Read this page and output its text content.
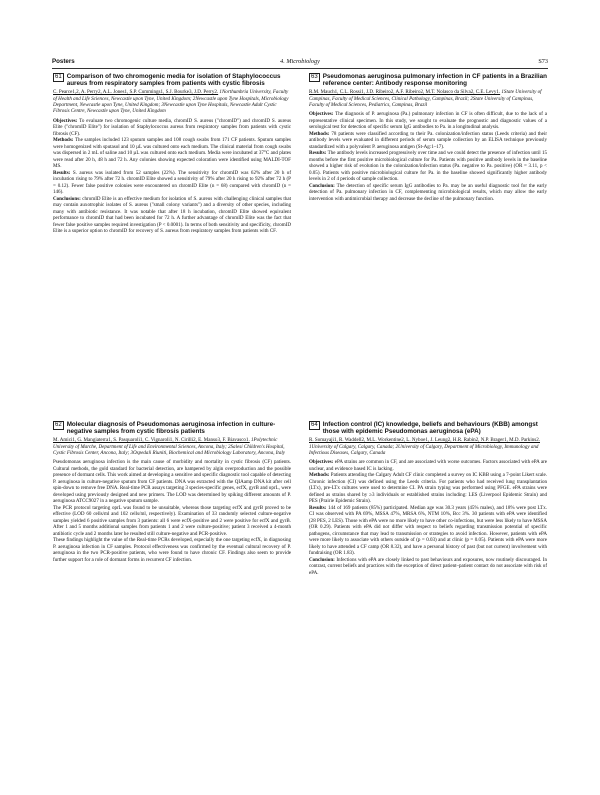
Posters	4. Microbiology	S73
61 Comparison of two chromogenic media for isolation of Staphylococcus aureus from respiratory samples from patients with cystic fibrosis
C. Pearce1,2, A. Perry2, A.L. Jones1, S.P. Cummings1, S.J. Bourke3, J.D. Perry2. 1Northumbria University, Faculty of Health and Life Sciences, Newcastle upon Tyne, United Kingdom; 2Newcastle upon Tyne Hospitals, Microbiology Department, Newcastle upon Tyne, United Kingdom; 3Newcastle upon Tyne Hospitals, Newcastle Adult Cystic Fibrosis Centre, Newcastle upon Tyne, United Kingdom

Objectives: To evaluate two chromogenic culture media, chromID S. aureus ("chromID") and chromID S. aureus Elite ("chromID Elite") for isolation of Staphylococcus aureus from respiratory samples from patients with cystic fibrosis (CF).

Methods: The samples included 123 sputum samples and 108 cough swabs from 171 CF patients. Sputum samples were homogenized with sputasol and 10 µL was cultured onto each medium. The clinical material from cough swabs was dispersed in 2 mL of saline and 10 µL was cultured onto each medium. Media were incubated at 37°C and plates were read after 20 h, 48 h and 72 h. Any colonies showing expected coloration were identified using MALDI-TOF MS.

Results: S. aureus was isolated from 52 samples (22%). The sensitivity for chromID was 62% after 20 h of incubation rising to 79% after 72 h. chromID Elite showed a sensitivity of 79% after 20 h rising to 92% after 72 h (P = 0.12). Fewer false positive colonies were encountered on chromID Elite (n = 68) compared with chromID (n = 146).

Conclusions: chromID Elite is an effective medium for isolation of S. aureus with challenging clinical samples that may contain auxotrophic isolates of S. aureus ("small colony variants") and a diversity of other species, including many with antibiotic resistance. It was notable that after 18 h incubation, chromID Elite showed equivalent performance to chromID that had been incubated for 72 h. A further advantage of chromID Elite was the fact that fewer false positive samples required investigation (P < 0.0001). In terms of both sensitivity and specificity, chromID Elite is a superior option to chromID for recovery of S. aureus from respiratory samples from patients with CF.

63 Pseudomonas aeruginosa pulmonary infection in CF patients in a Brazilian reference center: Antibody response monitoring
R.M. Mauch1, C.L. Rossi1, J.D. Ribeiro2, A.F. Ribeiro2, M.T. Nolasco da Silva2, C.E. Levy1. 1State University of Campinas, Faculty of Medical Sciences, Clinical Pathology, Campinas, Brazil; 2State University of Campinas, Faculty of Medical Sciences, Pediatrics, Campinas, Brazil

Objectives: The diagnosis of P. aeruginosa (Pa.) pulmonary infection in CF is often difficult, due to the lack of a representative clinical specimen. In this study, we sought to evaluate the prognostic and diagnostic values of a serological test for detection of specific serum IgG antibodies to Pa. in a longitudinal analysis.

Methods: 78 patients were classified according to their Pa. colonization/infection status (Leeds criteria) and their antibody levels were evaluated in different periods of serum sample collection by an ELISA technique previously standardized with a polyvalent P. aeruginosa antigen (St-Ag:1–17).

Results: The antibody levels increased progressively over time and we could detect the presence of infection until 15 months before the first positive microbiological culture for Pa. Patients with positive antibody levels in the baseline showed a higher risk of evolution in the colonization/infection status (Pa. negative to Pa. positive) (OR = 3.11, p < 0.05). Patients with positive microbiological culture for Pa. in the baseline showed significantly higher antibody levels in 2 of 4 periods of sample collection.

Conclusion: The detection of specific serum IgG antibodies to Pa. may be an useful diagnostic tool for the early detection of Pa. pulmonary infection in CF, complementing microbiological results, which may allow the early intervention with antimicrobial therapy and decrease the decline of the pulmonary function.

62 Molecular diagnosis of Pseudomonas aeruginosa infection in culture-negative samples from cystic fibrosis patients
M. Amici1, G. Mangiaterra1, S. Pasquaroli1, C. Vignaroli1, N. Cirilli2, E. Manso3, F. Biavasco1. 1Polytechnic University of Marche, Department of Life and Environmental Sciences, Ancona, Italy; 2Salesi Children's Hospital, Cystic Fibrosis Center, Ancona, Italy; 3Ospedali Riuniti, Biochemical and Microbiology Laboratory, Ancona, Italy

Pseudomonas aeruginosa infection is the main cause of morbidity and mortality in cystic fibrosis (CF) patients. Cultural methods, the gold standard for bacterial detection, are hampered by algin overproduction and the possible presence of dormant cells. This work aimed at developing a sensitive and specific diagnostic tool capable of detecting P. aeruginosa in culture-negative sputum from CF patients. DNA was extracted with the QIAamp DNA kit after cell spin-down to remove free DNA. Real-time PCR assays targeting 3 species-specific genes, ecfX, gyrB and oprL, were developed using previously designed and new primers. The LOD was determined by spiking different amounts of P. aeruginosa ATCC9027 in a negative sputum sample.

The PCR protocol targeting oprL was found to be unsuitable, whereas those targeting ecfX and gyrB proved to be effective (LOD 60 cells/ml and 102 cells/ml, respectively). Examination of 33 randomly selected culture-negative samples yielded 6 positive samples from 3 patients: all 6 were ecfX-positive and 2 were positive for ecfX and gyrB. After 1 and 5 months additional samples from patients 1 and 2 were culture-positive; patient 3 received a 4-month antibiotic cycle and 2 months later he resulted still culture-negative and PCR-positive.

These findings highlight the value of the Real-time PCRs developed, especially the one targeting ecfX, in diagnosing P. aeruginosa infection in CF samples. Protocol effectiveness was confirmed by the eventual cultural recovery of P. aeruginosa in the two PCR-positive patients, who were found to have chronic CF. Findings also seem to provide further support for a role of dormant forms in recurrent CF infection.

64 Infection control (IC) knowledge, beliefs and behaviours (KBB) amongst those with epidemic Pseudomonas aeruginosa (ePA)
R. Somayaji1, R. Waddell2, M.L. Workentine2, L. Nyboe1, J. Leung2, H.R. Rabin2, N.P. Brager1, M.D. Parkins2. 1University of Calgary, Calgary, Canada; 2University of Calgary, Department of Microbiology, Immunology and Infectious Diseases, Calgary, Canada

Objectives: ePA strains are common in CF, and are associated with worse outcomes. Factors associated with ePA are unclear, and evidence based IC is lacking.

Methods: Patients attending the Calgary Adult CF clinic completed a survey on IC KBB using a 7-point Likert scale. Chronic infection (CI) was defined using the Leeds criteria. For patients who had received lung transplantation (LTx), pre-LTx cultures were used to determine CI. PA strain typing was performed using PFGE. ePA strains were defined as strains shared by ≥3 individuals or established strains including: LES (Liverpool Epidemic Strain) and PES (Prairie Epidemic Strain).

Results: 144 of 169 patients (85%) participated. Median age was 30.3 years (45% males), and 18% were post LTx. CI was observed with PA 69%, MSSA 47%, MRSA 6%, NTM 10%, Bcc 3%. 30 patients with ePA were identified (28 PES, 2 LES). Those with ePA were no more likely to have other co-infections, but were less likely to have MSSA (OR 0.29). Patients with ePA did not differ with respect to beliefs regarding transmission potential of specific pathogens, circumstance that may lead to transmission or strategies to avoid infection. However, patients with ePA were more likely to associate with others outside of (p = 0.03) and at clinic (p = 0.05). Patients with ePA were more likely to have attended a CF camp (OR 8.32), and have a personal history of past (but not current) involvement with fundraising (OR 1.83).

Conclusion: Infections with ePA are closely linked to past behaviours and exposures, now routinely discouraged. In contrast, current beliefs and practices with the exception of direct patient–patient contact do not associate with risk of ePA.
